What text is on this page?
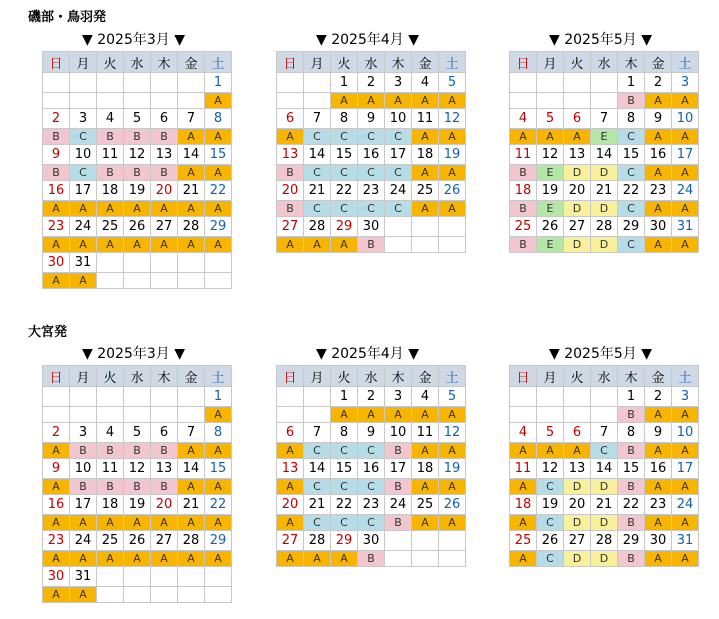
磯部・鳥羽発
▼ 2025年3月 ▼
日	月	火	水	木	金	土
						1
						A
2	3	4	5	6	7	8
B	C	B	B	B	A	A
9	10	11	12	13	14	15
B	C	B	B	B	A	A
16	17	18	19	20	21	22
A	A	A	A	A	A	A
23	24	25	26	27	28	29
A	A	A	A	A	A	A
30	31					
A	A					
▼ 2025年4月 ▼
日	月	火	水	木	金	土
		1	2	3	4	5
		A	A	A	A	A
6	7	8	9	10	11	12
A	C	C	C	C	A	A
13	14	15	16	17	18	19
B	C	C	C	C	A	A
20	21	22	23	24	25	26
B	C	C	C	C	A	A
27	28	29	30			
A	A	A	B			
▼ 2025年5月 ▼
日	月	火	水	木	金	土
				1	2	3
				B	A	A
4	5	6	7	8	9	10
A	A	A	E	C	A	A
11	12	13	14	15	16	17
B	E	D	D	C	A	A
18	19	20	21	22	23	24
B	E	D	D	C	A	A
25	26	27	28	29	30	31
B	E	D	D	C	A	A
大宮発
▼ 2025年3月 ▼
日	月	火	水	木	金	土
						1
						A
2	3	4	5	6	7	8
A	B	B	B	B	A	A
9	10	11	12	13	14	15
A	B	B	B	B	A	A
16	17	18	19	20	21	22
A	A	A	A	A	A	A
23	24	25	26	27	28	29
A	A	A	A	A	A	A
30	31					
A	A					
▼ 2025年4月 ▼
日	月	火	水	木	金	土
		1	2	3	4	5
		A	A	A	A	A
6	7	8	9	10	11	12
A	C	C	C	B	A	A
13	14	15	16	17	18	19
A	C	C	C	B	A	A
20	21	22	23	24	25	26
A	C	C	C	B	A	A
27	28	29	30			
A	A	A	B			
▼ 2025年5月 ▼
日	月	火	水	木	金	土
				1	2	3
				B	A	A
4	5	6	7	8	9	10
A	A	A	C	B	A	A
11	12	13	14	15	16	17
A	C	D	D	B	A	A
18	19	20	21	22	23	24
A	C	D	D	B	A	A
25	26	27	28	29	30	31
A	C	D	D	B	A	A
